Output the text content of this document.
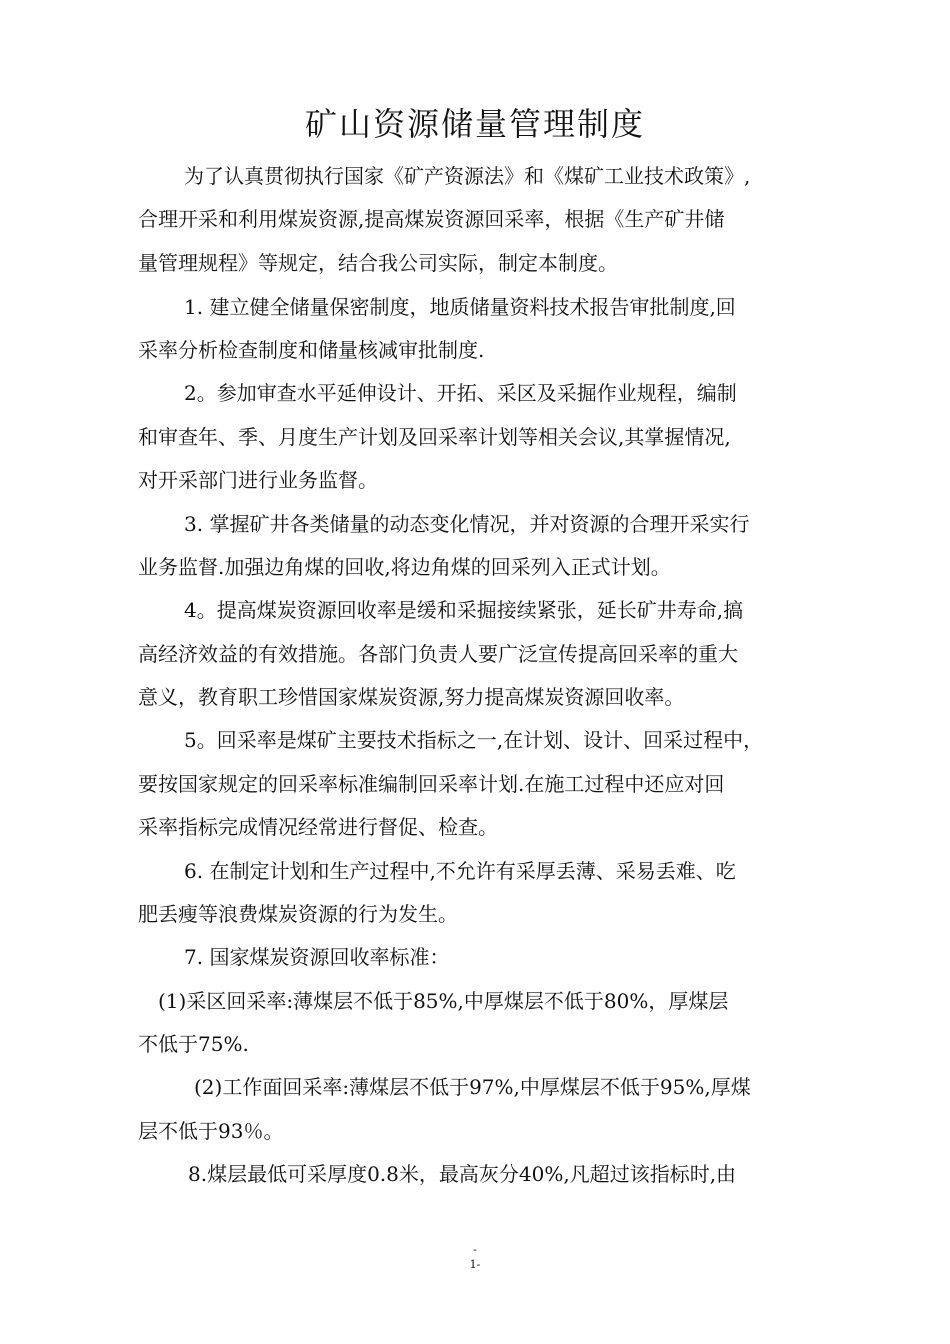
矿山资源储量管理制度
为了认真贯彻执行国家《矿产资源法》和《煤矿工业技术政策》,
合理开采和利用煤炭资源,提高煤炭资源回采率，根据《生产矿井储
量管理规程》等规定，结合我公司实际，制定本制度。
1. 建立健全储量保密制度，地质储量资料技术报告审批制度,回
采率分析检查制度和储量核减审批制度.
2。参加审查水平延伸设计、开拓、采区及采掘作业规程，编制
和审查年、季、月度生产计划及回采率计划等相关会议,其掌握情况,
对开采部门进行业务监督。
3. 掌握矿井各类储量的动态变化情况，并对资源的合理开采实行
业务监督.加强边角煤的回收,将边角煤的回采列入正式计划。
4。提高煤炭资源回收率是缓和采掘接续紧张，延长矿井寿命,搞
高经济效益的有效措施。各部门负责人要广泛宣传提高回采率的重大
意义，教育职工珍惜国家煤炭资源,努力提高煤炭资源回收率。
5。回采率是煤矿主要技术指标之一,在计划、设计、回采过程中，
要按国家规定的回采率标准编制回采率计划.在施工过程中还应对回
采率指标完成情况经常进行督促、检查。
6. 在制定计划和生产过程中,不允许有采厚丢薄、采易丢难、吃
肥丢瘦等浪费煤炭资源的行为发生。
7. 国家煤炭资源回收率标准：
(1)采区回采率:薄煤层不低于85%,中厚煤层不低于80%，厚煤层
不低于75%.
(2)工作面回采率:薄煤层不低于97%,中厚煤层不低于95%,厚煤
层不低于93％。
8.煤层最低可采厚度0.8米，最高灰分40%,凡超过该指标时,由
-
1-
